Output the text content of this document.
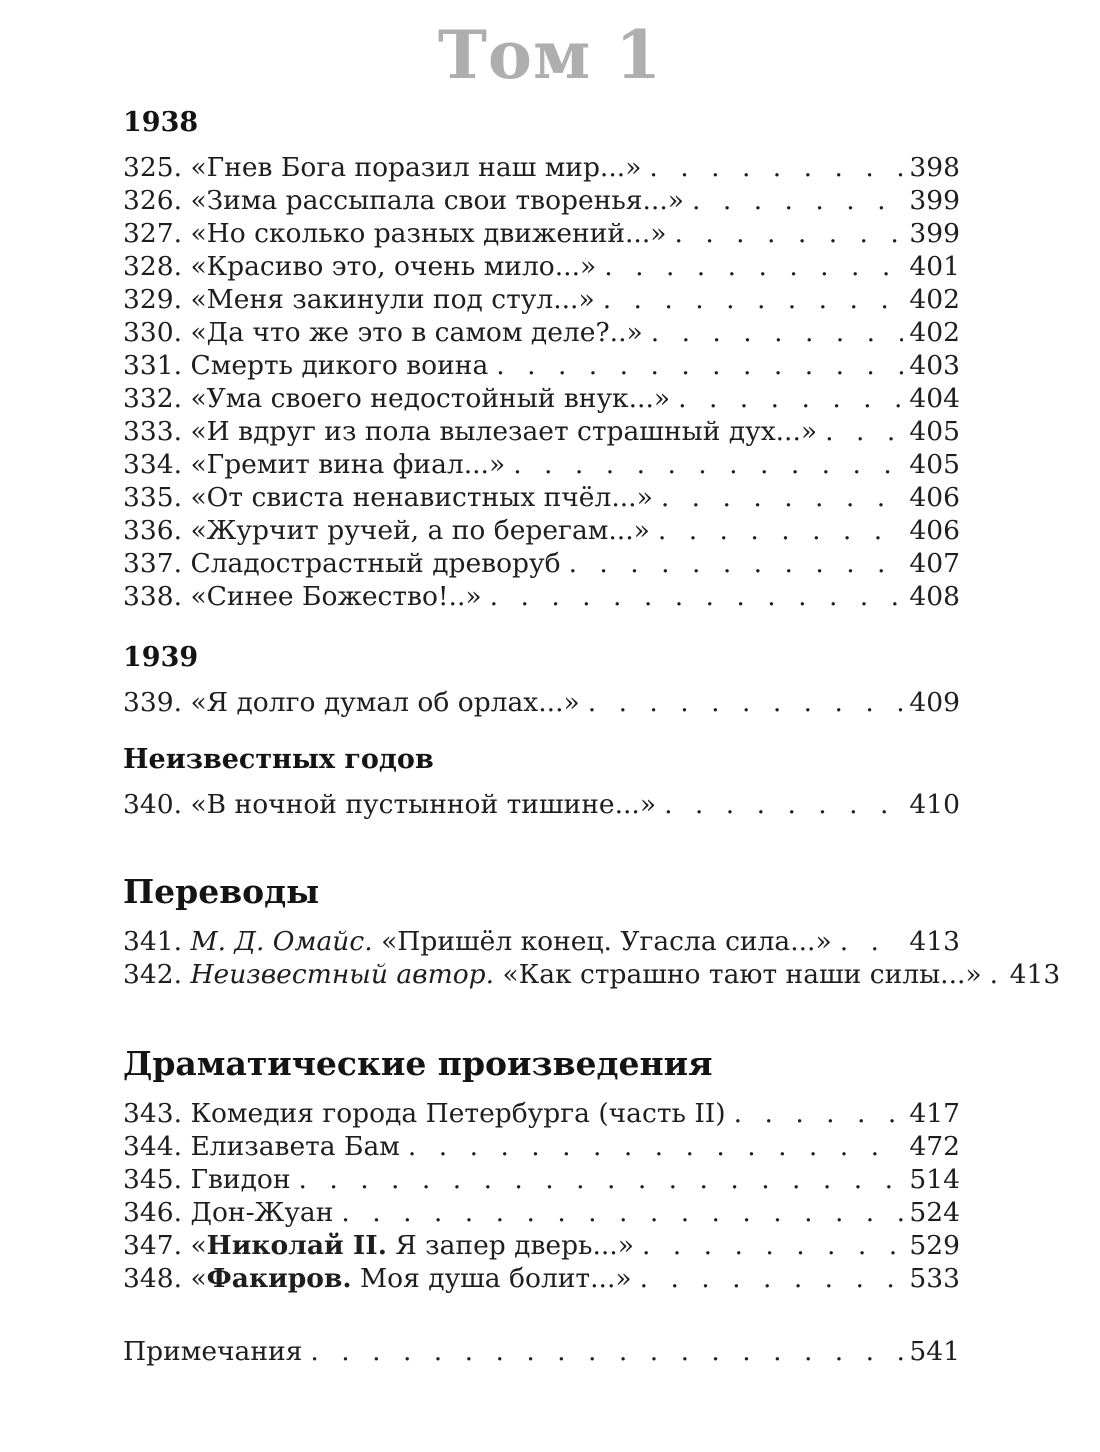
Том 1
1938
325. «Гнев Бога поразил наш мир...» . . .	398
326. «Зима рассыпала свои творенья...» . . .	399
327. «Но сколько разных движений...» . . .	399
328. «Красиво это, очень мило...» . . .	401
329. «Меня закинули под стул...» . . .	402
330. «Да что же это в самом деле?..» . . .	402
331. Смерть дикого воина . . .	403
332. «Ума своего недостойный внук...» . . .	404
333. «И вдруг из пола вылезает страшный дух...» . . .	405
334. «Гремит вина фиал...» . . .	405
335. «От свиста ненавистных пчёл...» . . .	406
336. «Журчит ручей, а по берегам...» . . .	406
337. Сладострастный древоруб . . .	407
338. «Синее Божество!..» . . .	408
1939
339. «Я долго думал об орлах...» . . .	409
Неизвестных годов
340. «В ночной пустынной тишине...» . . .	410
Переводы
341. М. Д. Омайс. «Пришёл конец. Угасла сила...» . . .	413
342. Неизвестный автор. «Как страшно тают наши силы...» . . . 413
Драматические произведения
343. Комедия города Петербурга (часть II) . . .	417
344. Елизавета Бам . . .	472
345. Гвидон . . .	514
346. Дон-Жуан . . .	524
347. «Николай II. Я запер дверь...» . . .	529
348. «Факиров. Моя душа болит...» . . .	533
Примечания . . .	541
